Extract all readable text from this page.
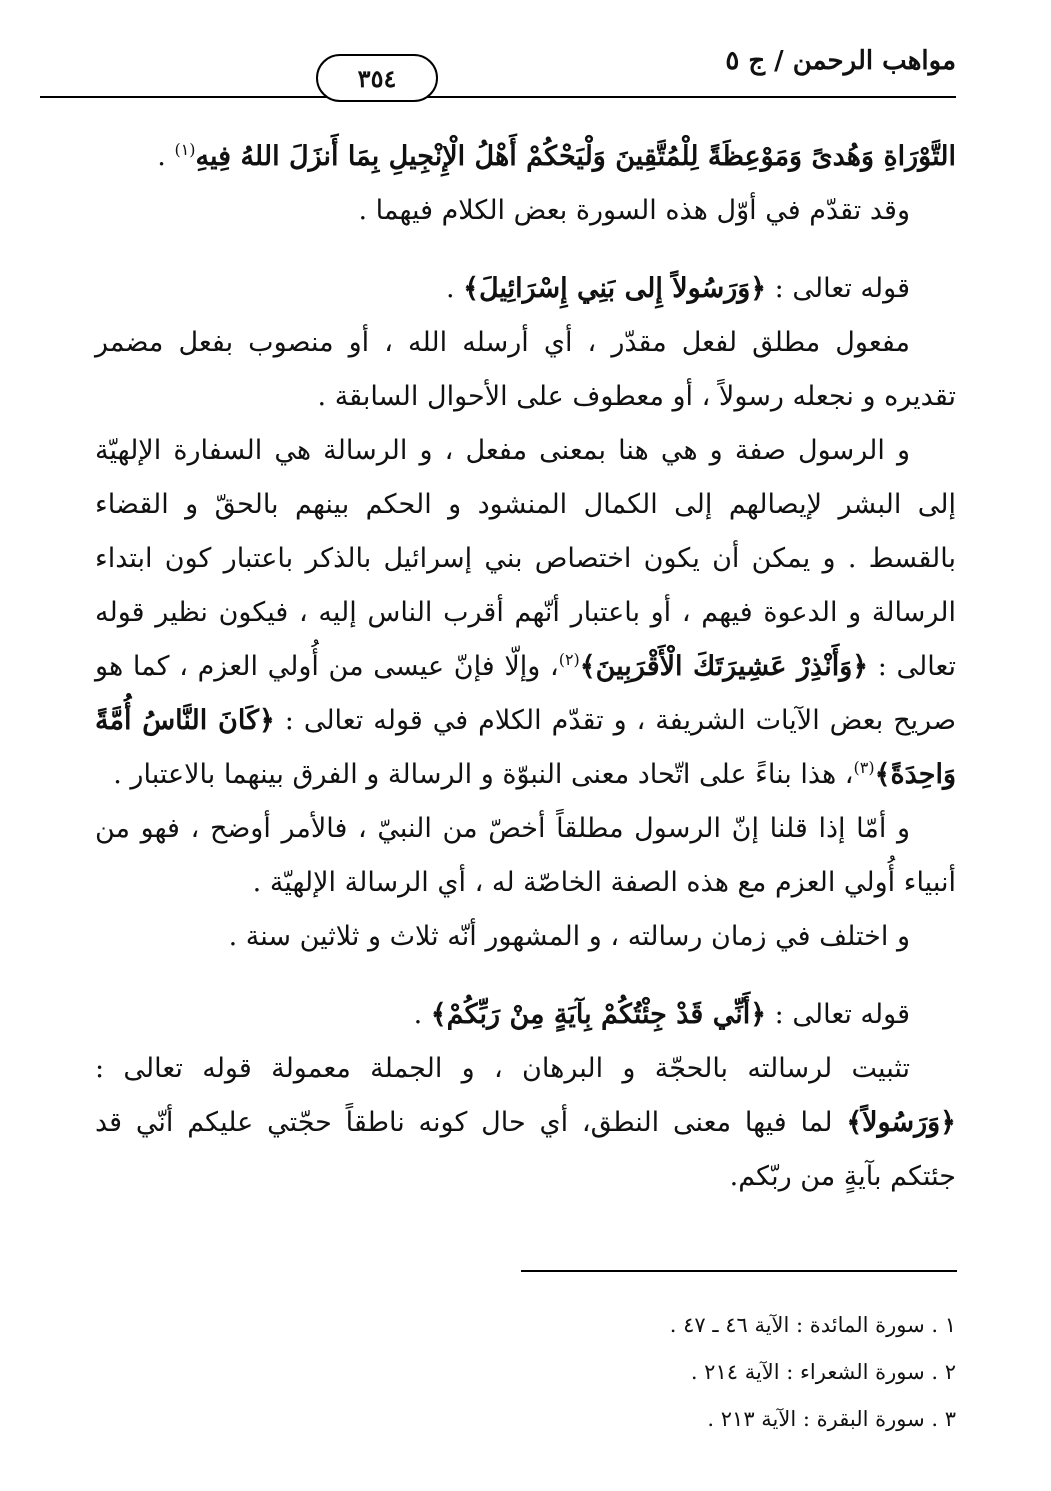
مواهب الرحمن / ج ٥
٣٥٤

التَّوْرَاةِ وَهُدىً وَمَوْعِظَةً لِلْمُتَّقِينَ وَلْيَحْكُمْ أَهْلُ الْإِنْجِيلِ بِمَا أَنزَلَ اللهُ فِيهِ$^{(١)}$ .

وقد تقدّم في أوّل هذه السورة بعض الكلام فيهما .

قوله تعالى : ﴿وَرَسُولاً إِلى بَنِي إِسْرَائِيلَ﴾ .

مفعول مطلق لفعل مقدّر ، أي أرسله الله ، أو منصوب بفعل مضمر تقديره و نجعله رسولاً ، أو معطوف على الأحوال السابقة .

و الرسول صفة و هي هنا بمعنى مفعل ، و الرسالة هي السفارة الإلهيّة إلى البشر لإيصالهم إلى الكمال المنشود و الحكم بينهم بالحقّ و القضاء بالقسط . و يمكن أن يكون اختصاص بني إسرائيل بالذكر باعتبار كون ابتداء الرسالة و الدعوة فيهم ، أو باعتبار أنّهم أقرب الناس إليه ، فيكون نظير قوله تعالى : ﴿وَأَنْذِرْ عَشِيرَتَكَ الْأَقْرَبِينَ﴾$^{(٢)}$، وإلّا فإنّ عيسى من أُولي العزم ، كما هو صريح بعض الآيات الشريفة ، و تقدّم الكلام في قوله تعالى : ﴿كَانَ النَّاسُ أُمَّةً وَاحِدَةً﴾$^{(٣)}$، هذا بناءً على اتّحاد معنى النبوّة و الرسالة و الفرق بينهما بالاعتبار .

و أمّا إذا قلنا إنّ الرسول مطلقاً أخصّ من النبيّ ، فالأمر أوضح ، فهو من أنبياء أُولي العزم مع هذه الصفة الخاصّة له ، أي الرسالة الإلهيّة .

و اختلف في زمان رسالته ، و المشهور أنّه ثلاث و ثلاثين سنة .

قوله تعالى : ﴿أَنِّي قَدْ جِئْتُكُمْ بِآيَةٍ مِنْ رَبِّكُمْ﴾ .

تثبيت لرسالته بالحجّة و البرهان ، و الجملة معمولة قوله تعالى : ﴿وَرَسُولاً﴾ لما فيها معنى النطق، أي حال كونه ناطقاً حجّتي عليكم أنّي قد جئتكم بآيةٍ من ربّكم.

١ . سورة المائدة : الآية ٤٦ ـ ٤٧ .
٢ . سورة الشعراء : الآية ٢١٤ .
٣ . سورة البقرة : الآية ٢١٣ .
